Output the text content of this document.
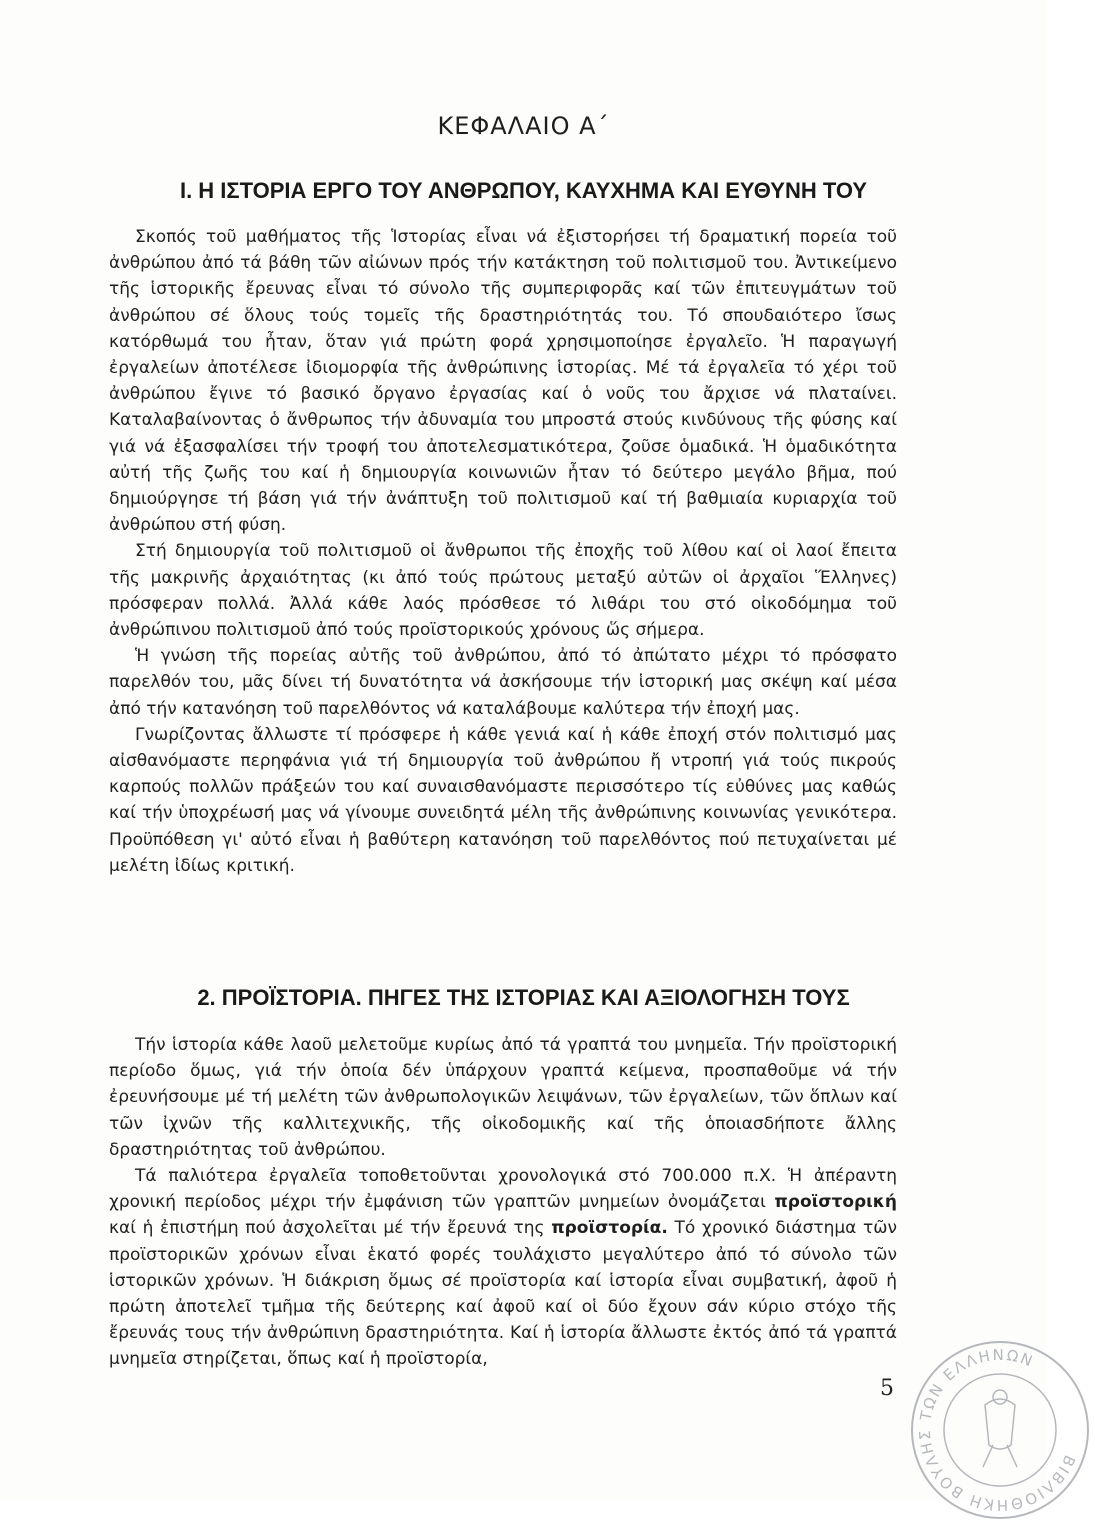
ΚΕΦΑΛΑΙΟ Α΄
Ι. Η ΙΣΤΟΡΙΑ ΕΡΓΟ ΤΟΥ ΑΝΘΡΩΠΟΥ, ΚΑΥΧΗΜΑ ΚΑΙ ΕΥΘΥΝΗ ΤΟΥ

Σκοπός τοῦ μαθήματος τῆς Ἱστορίας εἶναι νά ἐξιστορήσει τή δραματική πορεία τοῦ ἀνθρώπου ἀπό τά βάθη τῶν αἰώνων πρός τήν κατάκτηση τοῦ πολιτισμοῦ του. Ἀντικείμενο τῆς ἱστορικῆς ἔρευνας εἶναι τό σύνολο τῆς συμπεριφορᾶς καί τῶν ἐπιτευγμάτων τοῦ ἀνθρώπου σέ ὅλους τούς τομεῖς τῆς δραστηριότητάς του. Τό σπουδαιότερο ἴσως κατόρθωμά του ἦταν, ὅταν γιά πρώτη φορά χρησιμοποίησε ἐργαλεῖο. Ἡ παραγωγή ἐργαλείων ἀποτέλεσε ἰδιομορφία τῆς ἀνθρώπινης ἱστορίας. Μέ τά ἐργαλεῖα τό χέρι τοῦ ἀνθρώπου ἔγινε τό βασικό ὄργανο ἐργασίας καί ὁ νοῦς του ἄρχισε νά πλαταίνει. Καταλαβαίνοντας ὁ ἄνθρωπος τήν ἀδυναμία του μπροστά στούς κινδύνους τῆς φύσης καί γιά νά ἐξασφαλίσει τήν τροφή του ἀποτελεσματικότερα, ζοῦσε ὁμαδικά. Ἡ ὁμαδικότητα αὐτή τῆς ζωῆς του καί ἡ δημιουργία κοινωνιῶν ἦταν τό δεύτερο μεγάλο βῆμα, πού δημιούργησε τή βάση γιά τήν ἀνάπτυξη τοῦ πολιτισμοῦ καί τή βαθμιαία κυριαρχία τοῦ ἀνθρώπου στή φύση.

Στή δημιουργία τοῦ πολιτισμοῦ οἱ ἄνθρωποι τῆς ἐποχῆς τοῦ λίθου καί οἱ λαοί ἔπειτα τῆς μακρινῆς ἀρχαιότητας (κι ἀπό τούς πρώτους μεταξύ αὐτῶν οἱ ἀρχαῖοι Ἕλληνες) πρόσφεραν πολλά. Ἀλλά κάθε λαός πρόσθεσε τό λιθάρι του στό οἰκοδόμημα τοῦ ἀνθρώπινου πολιτισμοῦ ἀπό τούς προϊστορικούς χρόνους ὥς σήμερα.

Ἡ γνώση τῆς πορείας αὐτῆς τοῦ ἀνθρώπου, ἀπό τό ἀπώτατο μέχρι τό πρόσφατο παρελθόν του, μᾶς δίνει τή δυνατότητα νά ἀσκήσουμε τήν ἱστορική μας σκέψη καί μέσα ἀπό τήν κατανόηση τοῦ παρελθόντος νά καταλάβουμε καλύτερα τήν ἐποχή μας.

Γνωρίζοντας ἄλλωστε τί πρόσφερε ἡ κάθε γενιά καί ἡ κάθε ἐποχή στόν πολιτισμό μας αἰσθανόμαστε περηφάνια γιά τή δημιουργία τοῦ ἀνθρώπου ἤ ντροπή γιά τούς πικρούς καρπούς πολλῶν πράξεών του καί συναισθανόμαστε περισσότερο τίς εὐθύνες μας καθώς καί τήν ὑποχρέωσή μας νά γίνουμε συνειδητά μέλη τῆς ἀνθρώπινης κοινωνίας γενικότερα. Προϋπόθεση γι' αὐτό εἶναι ἡ βαθύτερη κατανόηση τοῦ παρελθόντος πού πετυχαίνεται μέ μελέτη ἰδίως κριτική.

2. ΠΡΟΪΣΤΟΡΙΑ. ΠΗΓΕΣ ΤΗΣ ΙΣΤΟΡΙΑΣ ΚΑΙ ΑΞΙΟΛΟΓΗΣΗ ΤΟΥΣ

Τήν ἱστορία κάθε λαοῦ μελετοῦμε κυρίως ἀπό τά γραπτά του μνημεῖα. Τήν προϊστορική περίοδο ὅμως, γιά τήν ὁποία δέν ὑπάρχουν γραπτά κείμενα, προσπαθοῦμε νά τήν ἐρευνήσουμε μέ τή μελέτη τῶν ἀνθρωπολογικῶν λειψάνων, τῶν ἐργαλείων, τῶν ὅπλων καί τῶν ἰχνῶν τῆς καλλιτεχνικῆς, τῆς οἰκοδομικῆς καί τῆς ὁποιασδήποτε ἄλλης δραστηριότητας τοῦ ἀνθρώπου.

Τά παλιότερα ἐργαλεῖα τοποθετοῦνται χρονολογικά στό 700.000 π.Χ. Ἡ ἀπέραντη χρονική περίοδος μέχρι τήν ἐμφάνιση τῶν γραπτῶν μνημείων ὀνομάζεται προϊστορική καί ἡ ἐπιστήμη πού ἀσχολεῖται μέ τήν ἔρευνά της προϊστορία. Τό χρονικό διάστημα τῶν προϊστορικῶν χρόνων εἶναι ἑκατό φορές τουλάχιστο μεγαλύτερο ἀπό τό σύνολο τῶν ἱστορικῶν χρόνων. Ἡ διάκριση ὅμως σέ προϊστορία καί ἱστορία εἶναι συμβατική, ἀφοῦ ἡ πρώτη ἀποτελεῖ τμῆμα τῆς δεύτερης καί ἀφοῦ καί οἱ δύο ἔχουν σάν κύριο στόχο τῆς ἔρευνάς τους τήν ἀνθρώπινη δραστηριότητα. Καί ἡ ἱστορία ἄλλωστε ἐκτός ἀπό τά γραπτά μνημεῖα στηρίζεται, ὅπως καί ἡ προϊστορία,

5
ΒΙΒΛΙΟΘΗΚΗ ΒΟΥΛΗΣ ΤΩΝ ΕΛΛΗΝΩΝ
